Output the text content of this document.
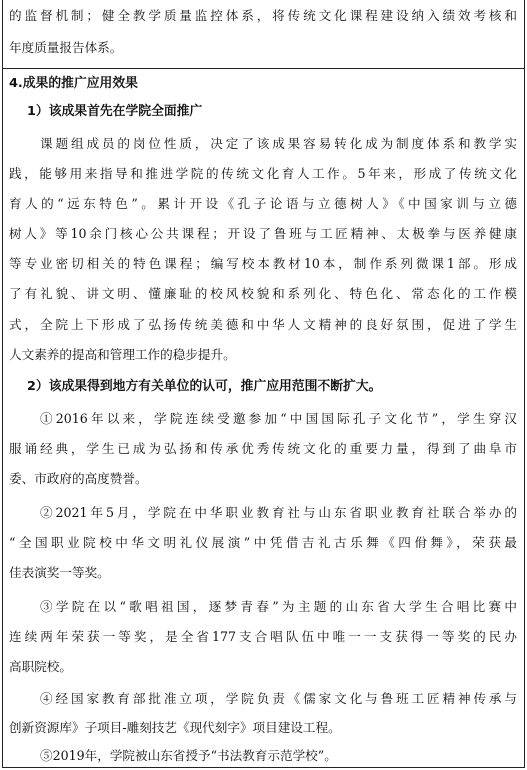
的监督机制；健全教学质量监控体系，将传统文化课程建设纳入绩效考核和
年度质量报告体系。
4.成果的推广应用效果
1）该成果首先在学院全面推广
课题组成员的岗位性质，决定了该成果容易转化成为制度体系和教学实
践，能够用来指导和推进学院的传统文化育人工作。5年来，形成了传统文化
育人的“远东特色”。累计开设《孔子论语与立德树人》《中国家训与立德
树人》等10余门核心公共课程；开设了鲁班与工匠精神、太极拳与医养健康
等专业密切相关的特色课程；编写校本教材10本，制作系列微课1部。形成
了有礼貌、讲文明、懂廉耻的校风校貌和系列化、特色化、常态化的工作模
式，全院上下形成了弘扬传统美德和中华人文精神的良好氛围，促进了学生
人文素养的提高和管理工作的稳步提升。
2）该成果得到地方有关单位的认可，推广应用范围不断扩大。
①2016年以来，学院连续受邀参加“中国国际孔子文化节”，学生穿汉
服诵经典，学生已成为弘扬和传承优秀传统文化的重要力量，得到了曲阜市
委、市政府的高度赞誉。
②2021年5月，学院在中华职业教育社与山东省职业教育社联合举办的
“全国职业院校中华文明礼仪展演”中凭借吉礼古乐舞《四佾舞》，荣获最
佳表演奖一等奖。
③学院在以“歌唱祖国，逐梦青春”为主题的山东省大学生合唱比赛中
连续两年荣获一等奖，是全省177支合唱队伍中唯一一支获得一等奖的民办
高职院校。
④经国家教育部批准立项，学院负责《儒家文化与鲁班工匠精神传承与
创新资源库》子项目-雕刻技艺《现代刻字》项目建设工程。
⑤2019年，学院被山东省授予“书法教育示范学校”。
